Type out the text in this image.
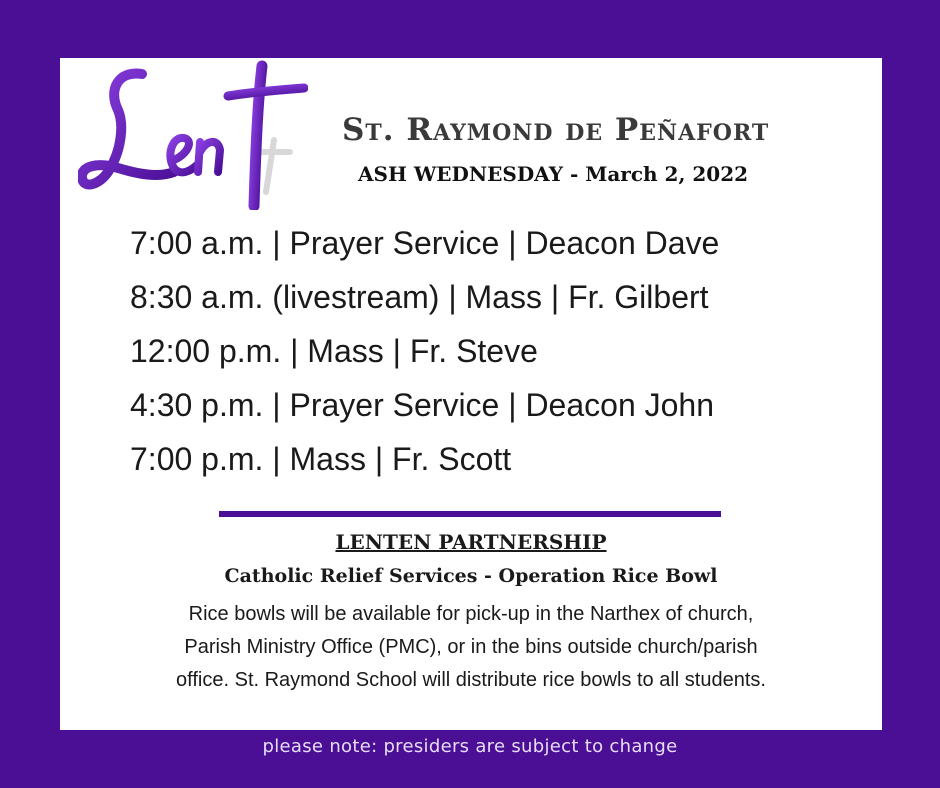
St. Raymond de Peñafort
ASH WEDNESDAY - March 2, 2022
7:00 a.m. | Prayer Service | Deacon Dave
8:30 a.m. (livestream) | Mass | Fr. Gilbert
12:00 p.m. | Mass | Fr. Steve
4:30 p.m. | Prayer Service | Deacon John
7:00 p.m. | Mass | Fr. Scott
LENTEN PARTNERSHIP
Catholic Relief Services - Operation Rice Bowl
Rice bowls will be available for pick-up in the Narthex of church,
Parish Ministry Office (PMC), or in the bins outside church/parish
office. St. Raymond School will distribute rice bowls to all students.
please note: presiders are subject to change
